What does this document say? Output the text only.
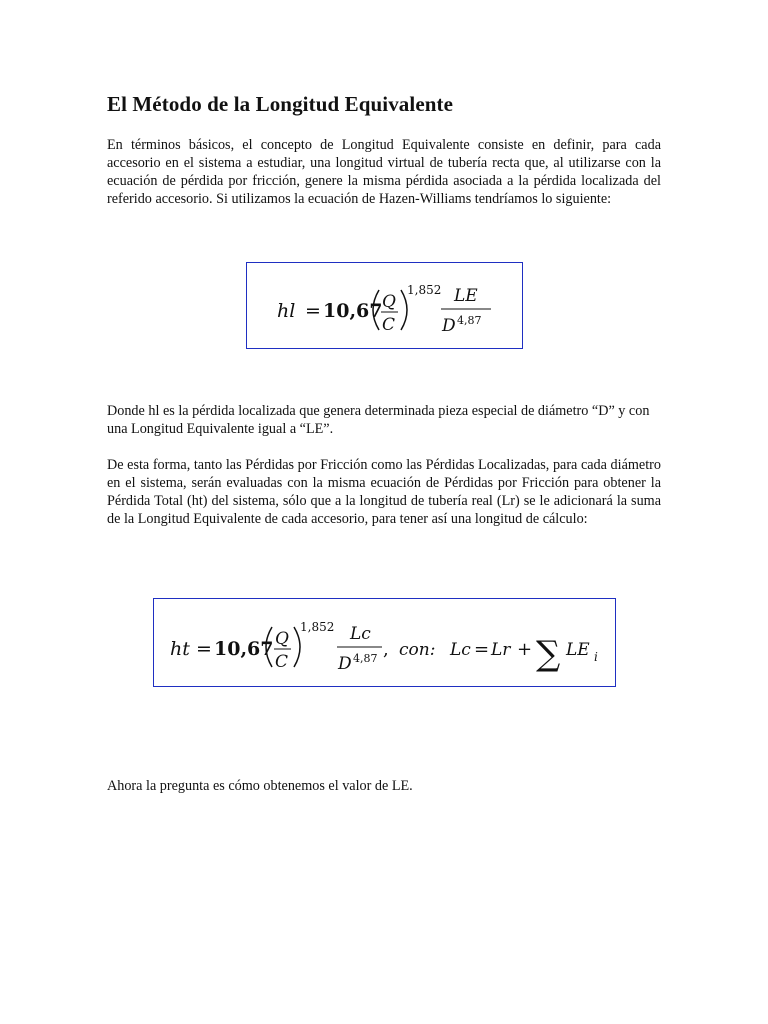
El Método de la Longitud Equivalente

En términos básicos, el concepto de Longitud Equivalente consiste en definir, para cada accesorio en el sistema a estudiar, una longitud virtual de tubería recta que, al utilizarse con la ecuación de pérdida por fricción, genere la misma pérdida asociada a la pérdida localizada del referido accesorio. Si utilizamos la ecuación de Hazen-Williams tendríamos lo siguiente:

hl = 10,67 Q
C
1,852 LE
D 4,87

Donde hl es la pérdida localizada que genera determinada pieza especial de diámetro “D” y con una Longitud Equivalente igual a “LE”.

De esta forma, tanto las Pérdidas por Fricción como las Pérdidas Localizadas, para cada diámetro en el sistema, serán evaluadas con la misma ecuación de Pérdidas por Fricción para obtener la Pérdida Total (ht) del sistema, sólo que a la longitud de tubería real (Lr) se le adicionará la suma de la Longitud Equivalente de cada accesorio, para tener así una longitud de cálculo:

ht = 10,67 Q
C
1,852 Lc
D 4,87 , con: Lc = Lr + ∑ LE i

Ahora la pregunta es cómo obtenemos el valor de LE.
